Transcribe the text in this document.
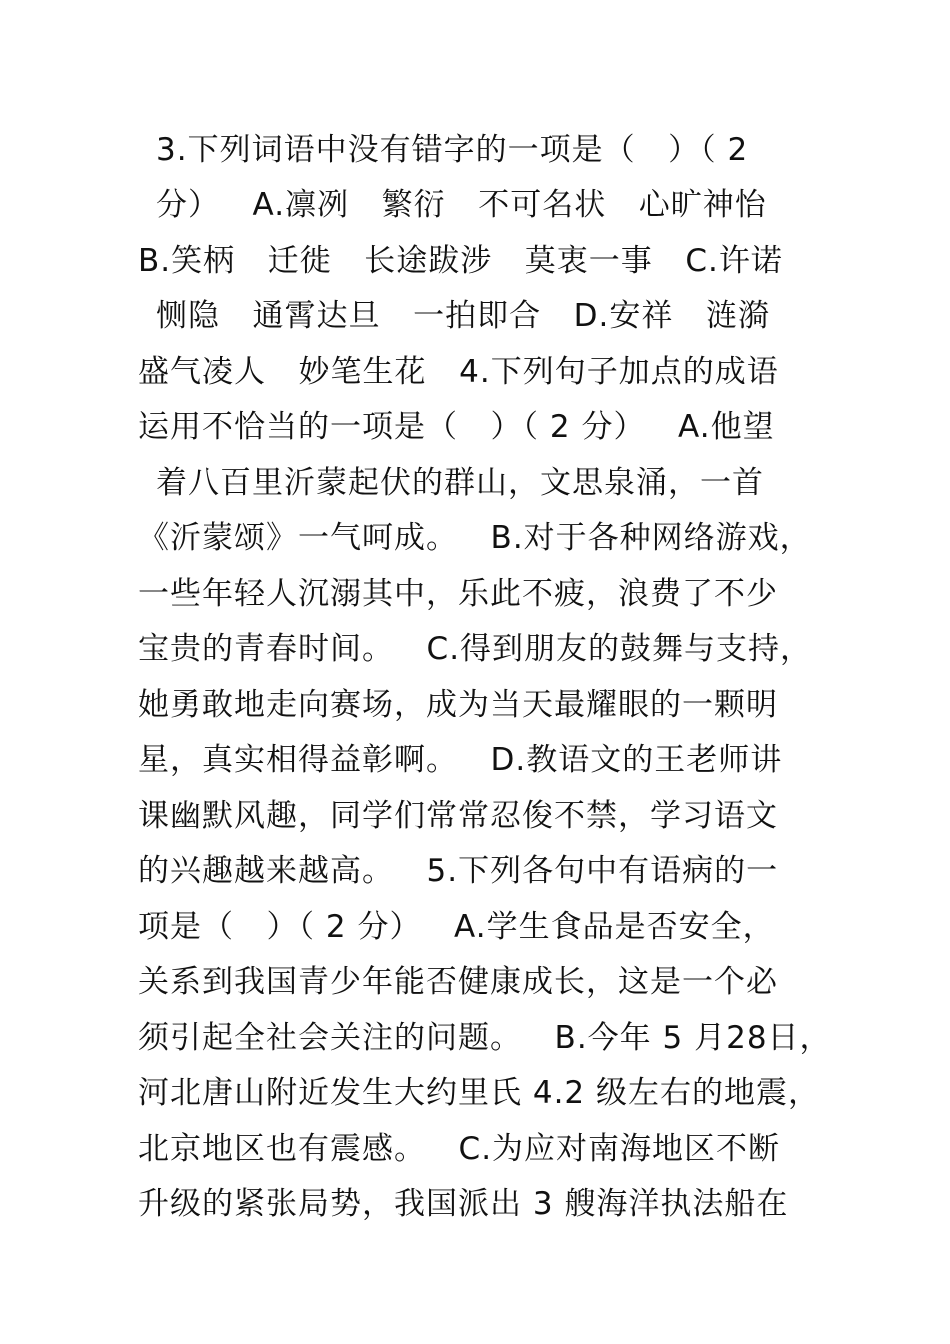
3.下列词语中没有错字的一项是（   ）（ 2
分）   A.凛冽   繁衍   不可名状   心旷神怡
B.笑柄   迁徙   长途跋涉   莫衷一事   C.许诺
恻隐   通霄达旦   一拍即合   D.安祥   涟漪
盛气凌人   妙笔生花   4.下列句子加点的成语
运用不恰当的一项是（   ）（ 2 分）   A.他望
着八百里沂蒙起伏的群山，文思泉涌，一首
《沂蒙颂》一气呵成。   B.对于各种网络游戏，
一些年轻人沉溺其中，乐此不疲，浪费了不少
宝贵的青春时间。   C.得到朋友的鼓舞与支持，
她勇敢地走向赛场，成为当天最耀眼的一颗明
星，真实相得益彰啊。   D.教语文的王老师讲
课幽默风趣，同学们常常忍俊不禁，学习语文
的兴趣越来越高。   5.下列各句中有语病的一
项是（   ）（ 2 分）   A.学生食品是否安全，
关系到我国青少年能否健康成长，这是一个必
须引起全社会关注的问题。   B.今年 5 月28日，
河北唐山附近发生大约里氏 4.2 级左右的地震，
北京地区也有震感。   C.为应对南海地区不断
升级的紧张局势，我国派出 3 艘海洋执法船在
